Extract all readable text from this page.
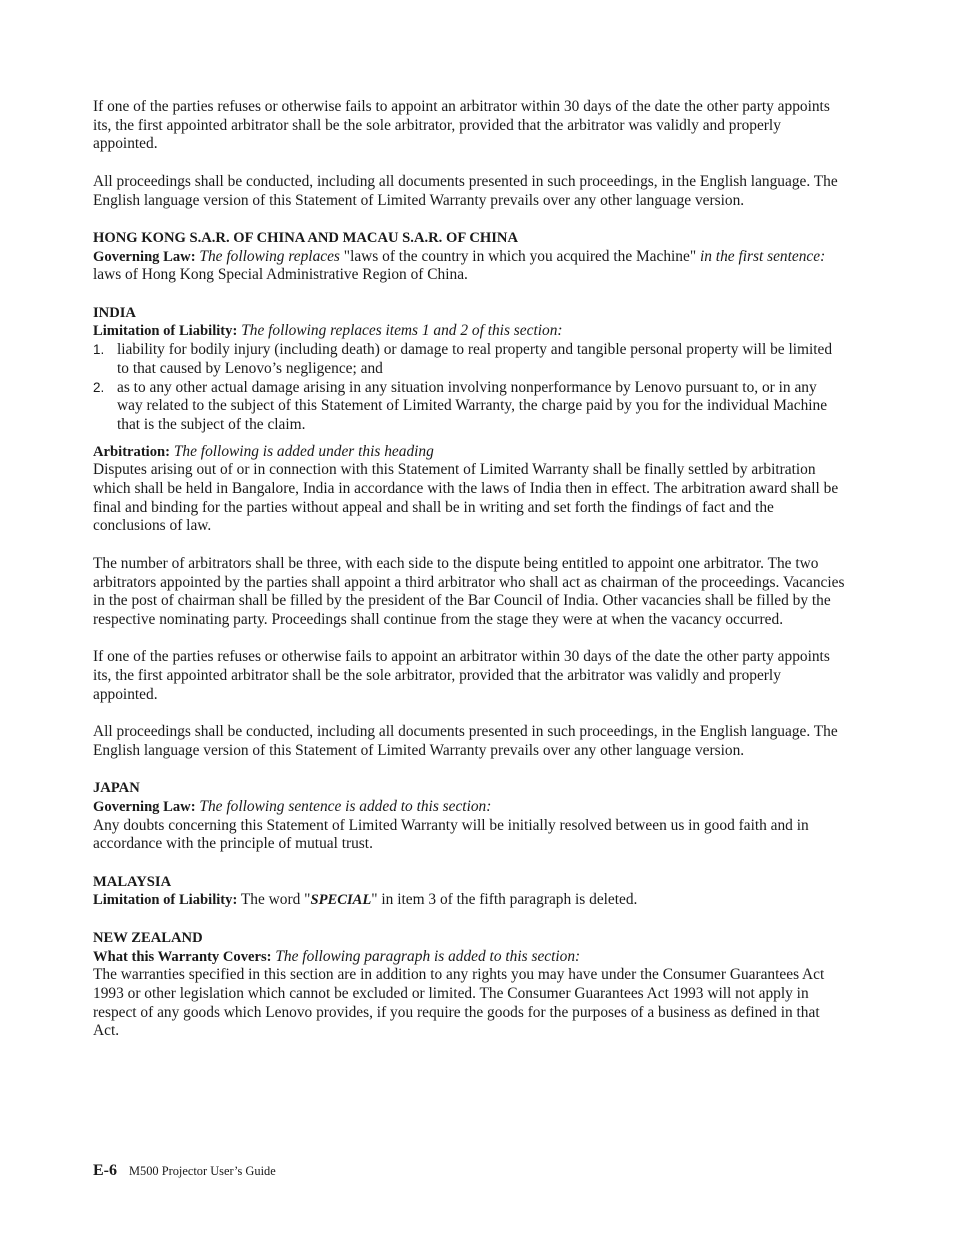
If one of the parties refuses or otherwise fails to appoint an arbitrator within 30 days of the date the other party appoints its, the first appointed arbitrator shall be the sole arbitrator, provided that the arbitrator was validly and properly appointed.

All proceedings shall be conducted, including all documents presented in such proceedings, in the English language. The English language version of this Statement of Limited Warranty prevails over any other language version.

HONG KONG S.A.R. OF CHINA AND MACAU S.A.R. OF CHINA

Governing Law: The following replaces "laws of the country in which you acquired the Machine" in the first sentence:

laws of Hong Kong Special Administrative Region of China.

INDIA

Limitation of Liability: The following replaces items 1 and 2 of this section:

1. liability for bodily injury (including death) or damage to real property and tangible personal property will be limited to that caused by Lenovo’s negligence; and
2. as to any other actual damage arising in any situation involving nonperformance by Lenovo pursuant to, or in any way related to the subject of this Statement of Limited Warranty, the charge paid by you for the individual Machine that is the subject of the claim.

Arbitration: The following is added under this heading

Disputes arising out of or in connection with this Statement of Limited Warranty shall be finally settled by arbitration which shall be held in Bangalore, India in accordance with the laws of India then in effect. The arbitration award shall be final and binding for the parties without appeal and shall be in writing and set forth the findings of fact and the conclusions of law.

The number of arbitrators shall be three, with each side to the dispute being entitled to appoint one arbitrator. The two arbitrators appointed by the parties shall appoint a third arbitrator who shall act as chairman of the proceedings. Vacancies in the post of chairman shall be filled by the president of the Bar Council of India. Other vacancies shall be filled by the respective nominating party. Proceedings shall continue from the stage they were at when the vacancy occurred.

If one of the parties refuses or otherwise fails to appoint an arbitrator within 30 days of the date the other party appoints its, the first appointed arbitrator shall be the sole arbitrator, provided that the arbitrator was validly and properly appointed.

All proceedings shall be conducted, including all documents presented in such proceedings, in the English language. The English language version of this Statement of Limited Warranty prevails over any other language version.

JAPAN

Governing Law: The following sentence is added to this section:

Any doubts concerning this Statement of Limited Warranty will be initially resolved between us in good faith and in accordance with the principle of mutual trust.

MALAYSIA

Limitation of Liability: The word "SPECIAL" in item 3 of the fifth paragraph is deleted.

NEW ZEALAND

What this Warranty Covers: The following paragraph is added to this section:

The warranties specified in this section are in addition to any rights you may have under the Consumer Guarantees Act 1993 or other legislation which cannot be excluded or limited. The Consumer Guarantees Act 1993 will not apply in respect of any goods which Lenovo provides, if you require the goods for the purposes of a business as defined in that Act.

E-6 M500 Projector User’s Guide
